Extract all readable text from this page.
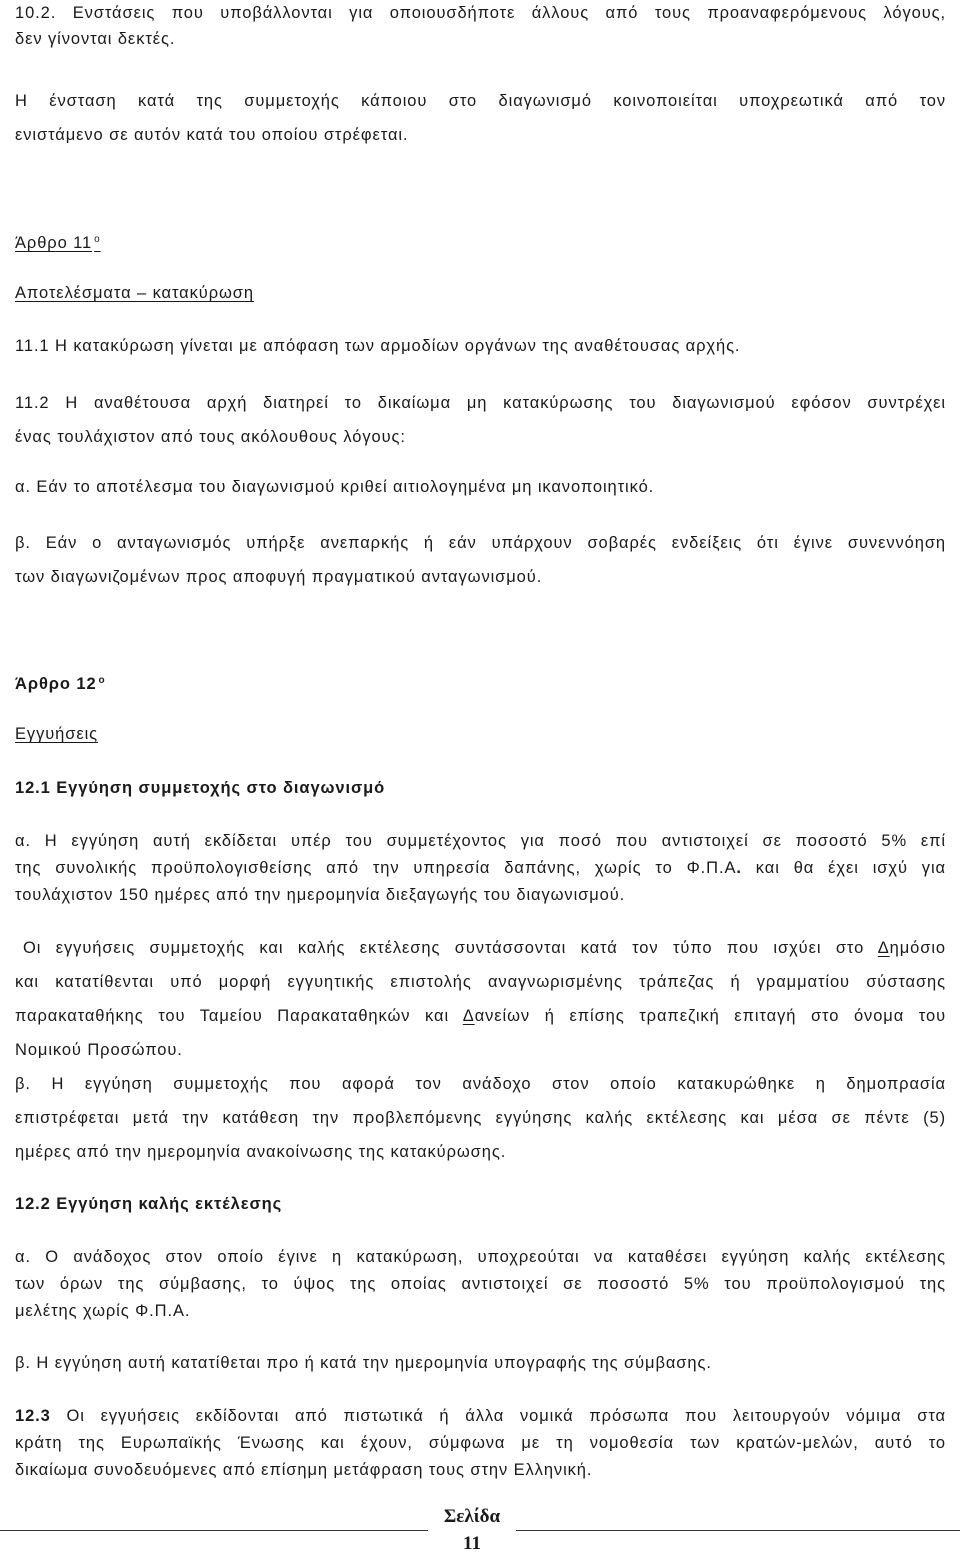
10.2. Ενστάσεις που υποβάλλονται για οποιουσδήποτε άλλους από τους προαναφερόμενους λόγους,

δεν γίνονται δεκτές.

Η ένσταση κατά της συμμετοχής κάποιου στο διαγωνισμό κοινοποιείται υποχρεωτικά από τον

ενιστάμενο σε αυτόν κατά του οποίου στρέφεται.

Άρθρο 11 $^o$

Αποτελέσματα – κατακύρωση

11.1 Η κατακύρωση γίνεται με απόφαση των αρμοδίων οργάνων της αναθέτουσας αρχής.

11.2 Η αναθέτουσα αρχή διατηρεί το δικαίωμα μη κατακύρωσης του διαγωνισμού εφόσον συντρέχει

ένας τουλάχιστον από τους ακόλουθους λόγους:

α. Εάν το αποτέλεσμα του διαγωνισμού κριθεί αιτιολογημένα μη ικανοποιητικό.

β. Εάν ο ανταγωνισμός υπήρξε ανεπαρκής ή εάν υπάρχουν σοβαρές ενδείξεις ότι έγινε συνεννόηση

των διαγωνιζομένων προς αποφυγή πραγματικού ανταγωνισμού.

Άρθρο 12 $^o$

Εγγυήσεις

12.1 Εγγύηση συμμετοχής στο διαγωνισμό

α. Η εγγύηση αυτή εκδίδεται υπέρ του συμμετέχοντος για ποσό που αντιστοιχεί σε ποσοστό 5% επί

της συνολικής προϋπολογισθείσης από την υπηρεσία δαπάνης, χωρίς το Φ.Π.Α. και θα έχει ισχύ για

τουλάχιστον 150 ημέρες από την ημερομηνία διεξαγωγής του διαγωνισμού.

Οι εγγυήσεις συμμετοχής και καλής εκτέλεσης συντάσσονται κατά τον τύπο που ισχύει στο Δημόσιο

και κατατίθενται υπό μορφή εγγυητικής επιστολής αναγνωρισμένης τράπεζας ή γραμματίου σύστασης

παρακαταθήκης του Ταμείου Παρακαταθηκών και Δανείων ή επίσης τραπεζική επιταγή στο όνομα του

Νομικού Προσώπου.

β. Η εγγύηση συμμετοχής που αφορά τον ανάδοχο στον οποίο κατακυρώθηκε η δημοπρασία

επιστρέφεται μετά την κατάθεση την προβλεπόμενης εγγύησης καλής εκτέλεσης και μέσα σε πέντε (5)

ημέρες από την ημερομηνία ανακοίνωσης της κατακύρωσης.

12.2 Εγγύηση καλής εκτέλεσης

α. Ο ανάδοχος στον οποίο έγινε η κατακύρωση, υποχρεούται να καταθέσει εγγύηση καλής εκτέλεσης

των όρων της σύμβασης, το ύψος της οποίας αντιστοιχεί σε ποσοστό 5% του προϋπολογισμού της

μελέτης χωρίς Φ.Π.Α.

β. Η εγγύηση αυτή κατατίθεται προ ή κατά την ημερομηνία υπογραφής της σύμβασης.

12.3 Οι εγγυήσεις εκδίδονται από πιστωτικά ή άλλα νομικά πρόσωπα που λειτουργούν νόμιμα στα

κράτη της Ευρωπαϊκής Ένωσης και έχουν, σύμφωνα με τη νομοθεσία των κρατών-μελών, αυτό το

δικαίωμα συνοδευόμενες από επίσημη μετάφραση τους στην Ελληνική.

Σελίδα
11
